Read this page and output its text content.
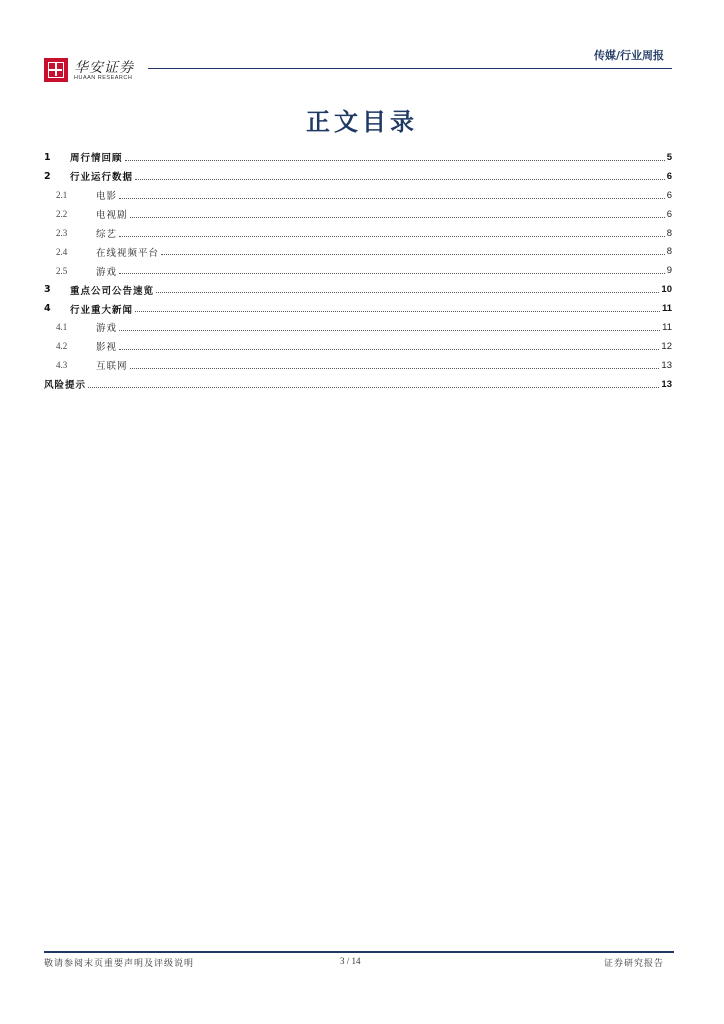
华安证券
HUAAN RESEARCH
传媒/行业周报
正文目录
1	周行情回顾	5
2	行业运行数据	6
2.1	电影	6
2.2	电视剧	6
2.3	综艺	8
2.4	在线视频平台	8
2.5	游戏	9
3	重点公司公告速览	10
4	行业重大新闻	11
4.1	游戏	11
4.2	影视	12
4.3	互联网	13
风险提示	13
敬请参阅末页重要声明及评级说明	3 / 14	证券研究报告
